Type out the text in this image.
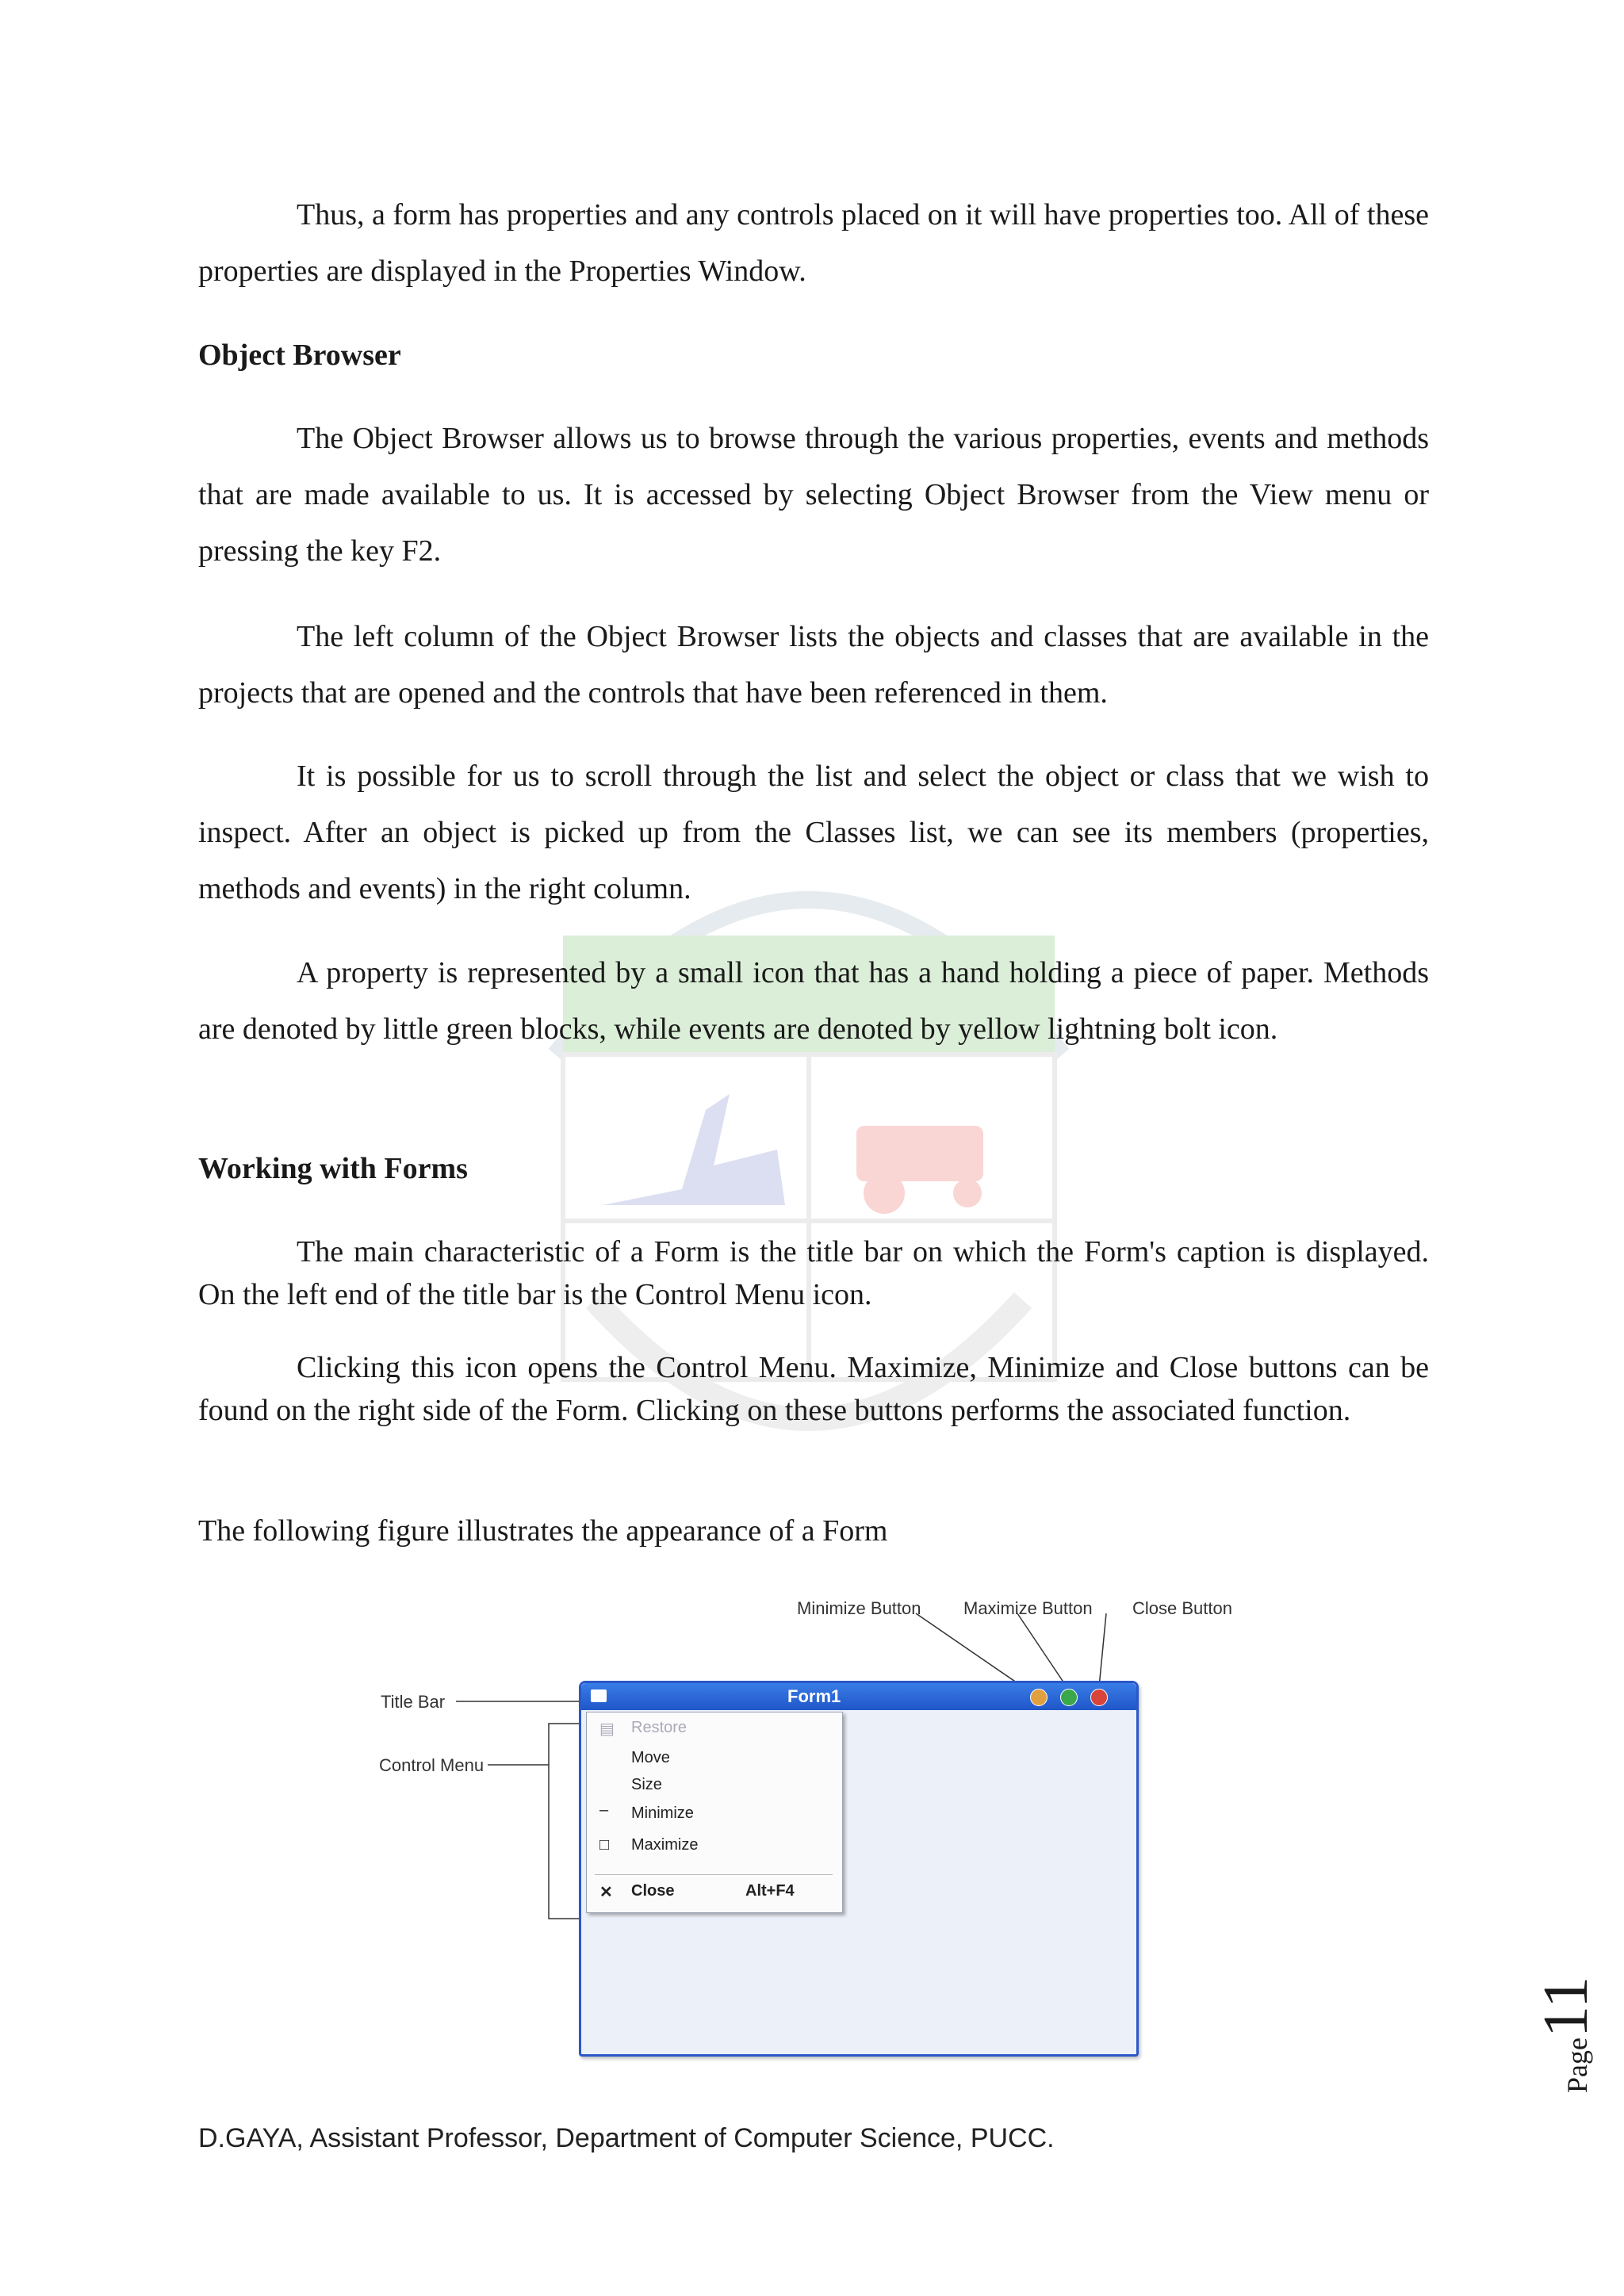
Thus, a form has properties and any controls placed on it will have properties too. All of these properties are displayed in the Properties Window.

Object Browser

The Object Browser allows us to browse through the various properties, events and methods that are made available to us. It is accessed by selecting Object Browser from the View menu or pressing the key F2.

The left column of the Object Browser lists the objects and classes that are available in the projects that are opened and the controls that have been referenced in them.

It is possible for us to scroll through the list and select the object or class that we wish to inspect. After an object is picked up from the Classes list, we can see its members (properties, methods and events) in the right column.

A property is represented by a small icon that has a hand holding a piece of paper. Methods are denoted by little green blocks, while events are denoted by yellow lightning bolt icon.

Working with Forms

The main characteristic of a Form is the title bar on which the Form's caption is displayed. On the left end of the title bar is the Control Menu icon.

Clicking this icon opens the Control Menu. Maximize, Minimize and Close buttons can be found on the right side of the Form. Clicking on these buttons performs the associated function.

The following figure illustrates the appearance of a Form

Minimize Button Maximize Button Close Button
Title Bar
Control Menu
Form1
▤ Restore
Move
Size
– Minimize
□ Maximize
✕ Close	Alt+F4
Page11
D.GAYA, Assistant Professor, Department of Computer Science, PUCC.
